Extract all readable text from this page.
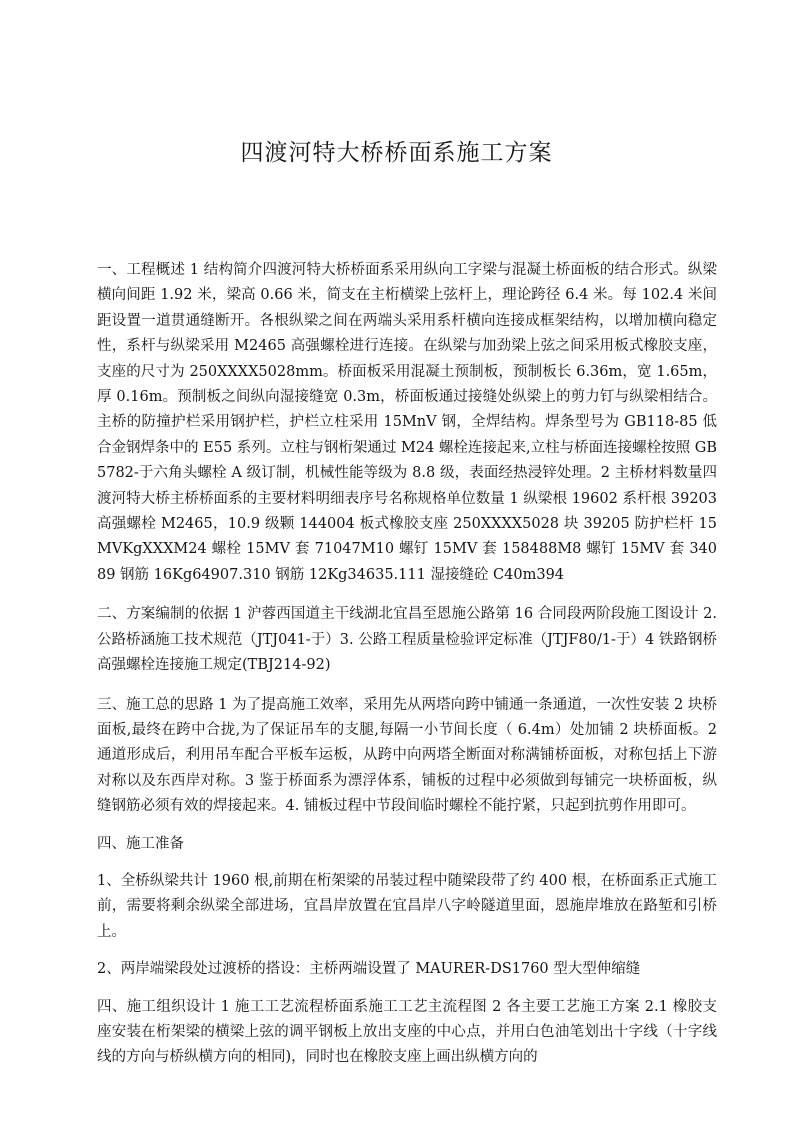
四渡河特大桥桥面系施工方案

一、工程概述 1 结构简介四渡河特大桥桥面系采用纵向工字梁与混凝土桥面板的结合形式。纵梁横向间距 1.92 米，梁高 0.66 米，简支在主桁横梁上弦杆上，理论跨径 6.4 米。每 102.4 米间距设置一道贯通缝断开。各根纵梁之间在两端头采用系杆横向连接成框架结构，以增加横向稳定性，系杆与纵梁采用 M2465 高强螺栓进行连接。在纵梁与加劲梁上弦之间采用板式橡胶支座，支座的尺寸为 250XXXX5028mm。桥面板采用混凝土预制板，预制板长 6.36m，宽 1.65m，厚 0.16m。预制板之间纵向湿接缝宽 0.3m，桥面板通过接缝处纵梁上的剪力钉与纵梁相结合。主桥的防撞护栏采用钢护栏，护栏立柱采用 15MnV 钢，全焊结构。焊条型号为 GB118-85 低合金钢焊条中的 E55 系列。立柱与钢桁架通过 M24 螺栓连接起来,立柱与桥面连接螺栓按照 GB5782-于六角头螺栓 A 级订制，机械性能等级为 8.8 级，表面经热浸锌处理。2 主桥材料数量四渡河特大桥主桥桥面系的主要材料明细表序号名称规格单位数量 1 纵梁根 19602 系杆根 39203 高强螺栓 M2465，10.9 级颗 144004 板式橡胶支座 250XXXX5028 块 39205 防护栏杆 15MVKgXXXM24 螺栓 15MV 套 71047M10 螺钉 15MV 套 158488M8 螺钉 15MV 套 34089 钢筋 16Kg64907.310 钢筋 12Kg34635.111 湿接缝砼 C40m394

二、方案编制的依据 1 沪蓉西国道主干线湖北宜昌至恩施公路第 16 合同段两阶段施工图设计 2. 公路桥涵施工技术规范（JTJ041-于）3. 公路工程质量检验评定标准（JTJF80/1-于）4 铁路钢桥高强螺栓连接施工规定(TBJ214-92)

三、施工总的思路 1 为了提高施工效率，采用先从两塔向跨中铺通一条通道，一次性安装 2 块桥面板,最终在跨中合拢,为了保证吊车的支腿,每隔一小节间长度（ 6.4m）处加铺 2 块桥面板。2 通道形成后，利用吊车配合平板车运板，从跨中向两塔全断面对称满铺桥面板，对称包括上下游对称以及东西岸对称。3 鉴于桥面系为漂浮体系，铺板的过程中必须做到每铺完一块桥面板，纵缝钢筋必须有效的焊接起来。4. 铺板过程中节段间临时螺栓不能拧紧，只起到抗剪作用即可。

四、施工准备

1、全桥纵梁共计 1960 根,前期在桁架梁的吊装过程中随梁段带了约 400 根，在桥面系正式施工前，需要将剩余纵梁全部进场，宜昌岸放置在宜昌岸八字岭隧道里面，恩施岸堆放在路堑和引桥上。

2、两岸端梁段处过渡桥的搭设：主桥两端设置了 MAURER-DS1760 型大型伸缩缝

四、施工组织设计 1 施工工艺流程桥面系施工工艺主流程图 2 各主要工艺施工方案 2.1 橡胶支座安装在桁架梁的横梁上弦的调平钢板上放出支座的中心点，并用白色油笔划出十字线（十字线线的方向与桥纵横方向的相同)，同时也在橡胶支座上画出纵横方向的
